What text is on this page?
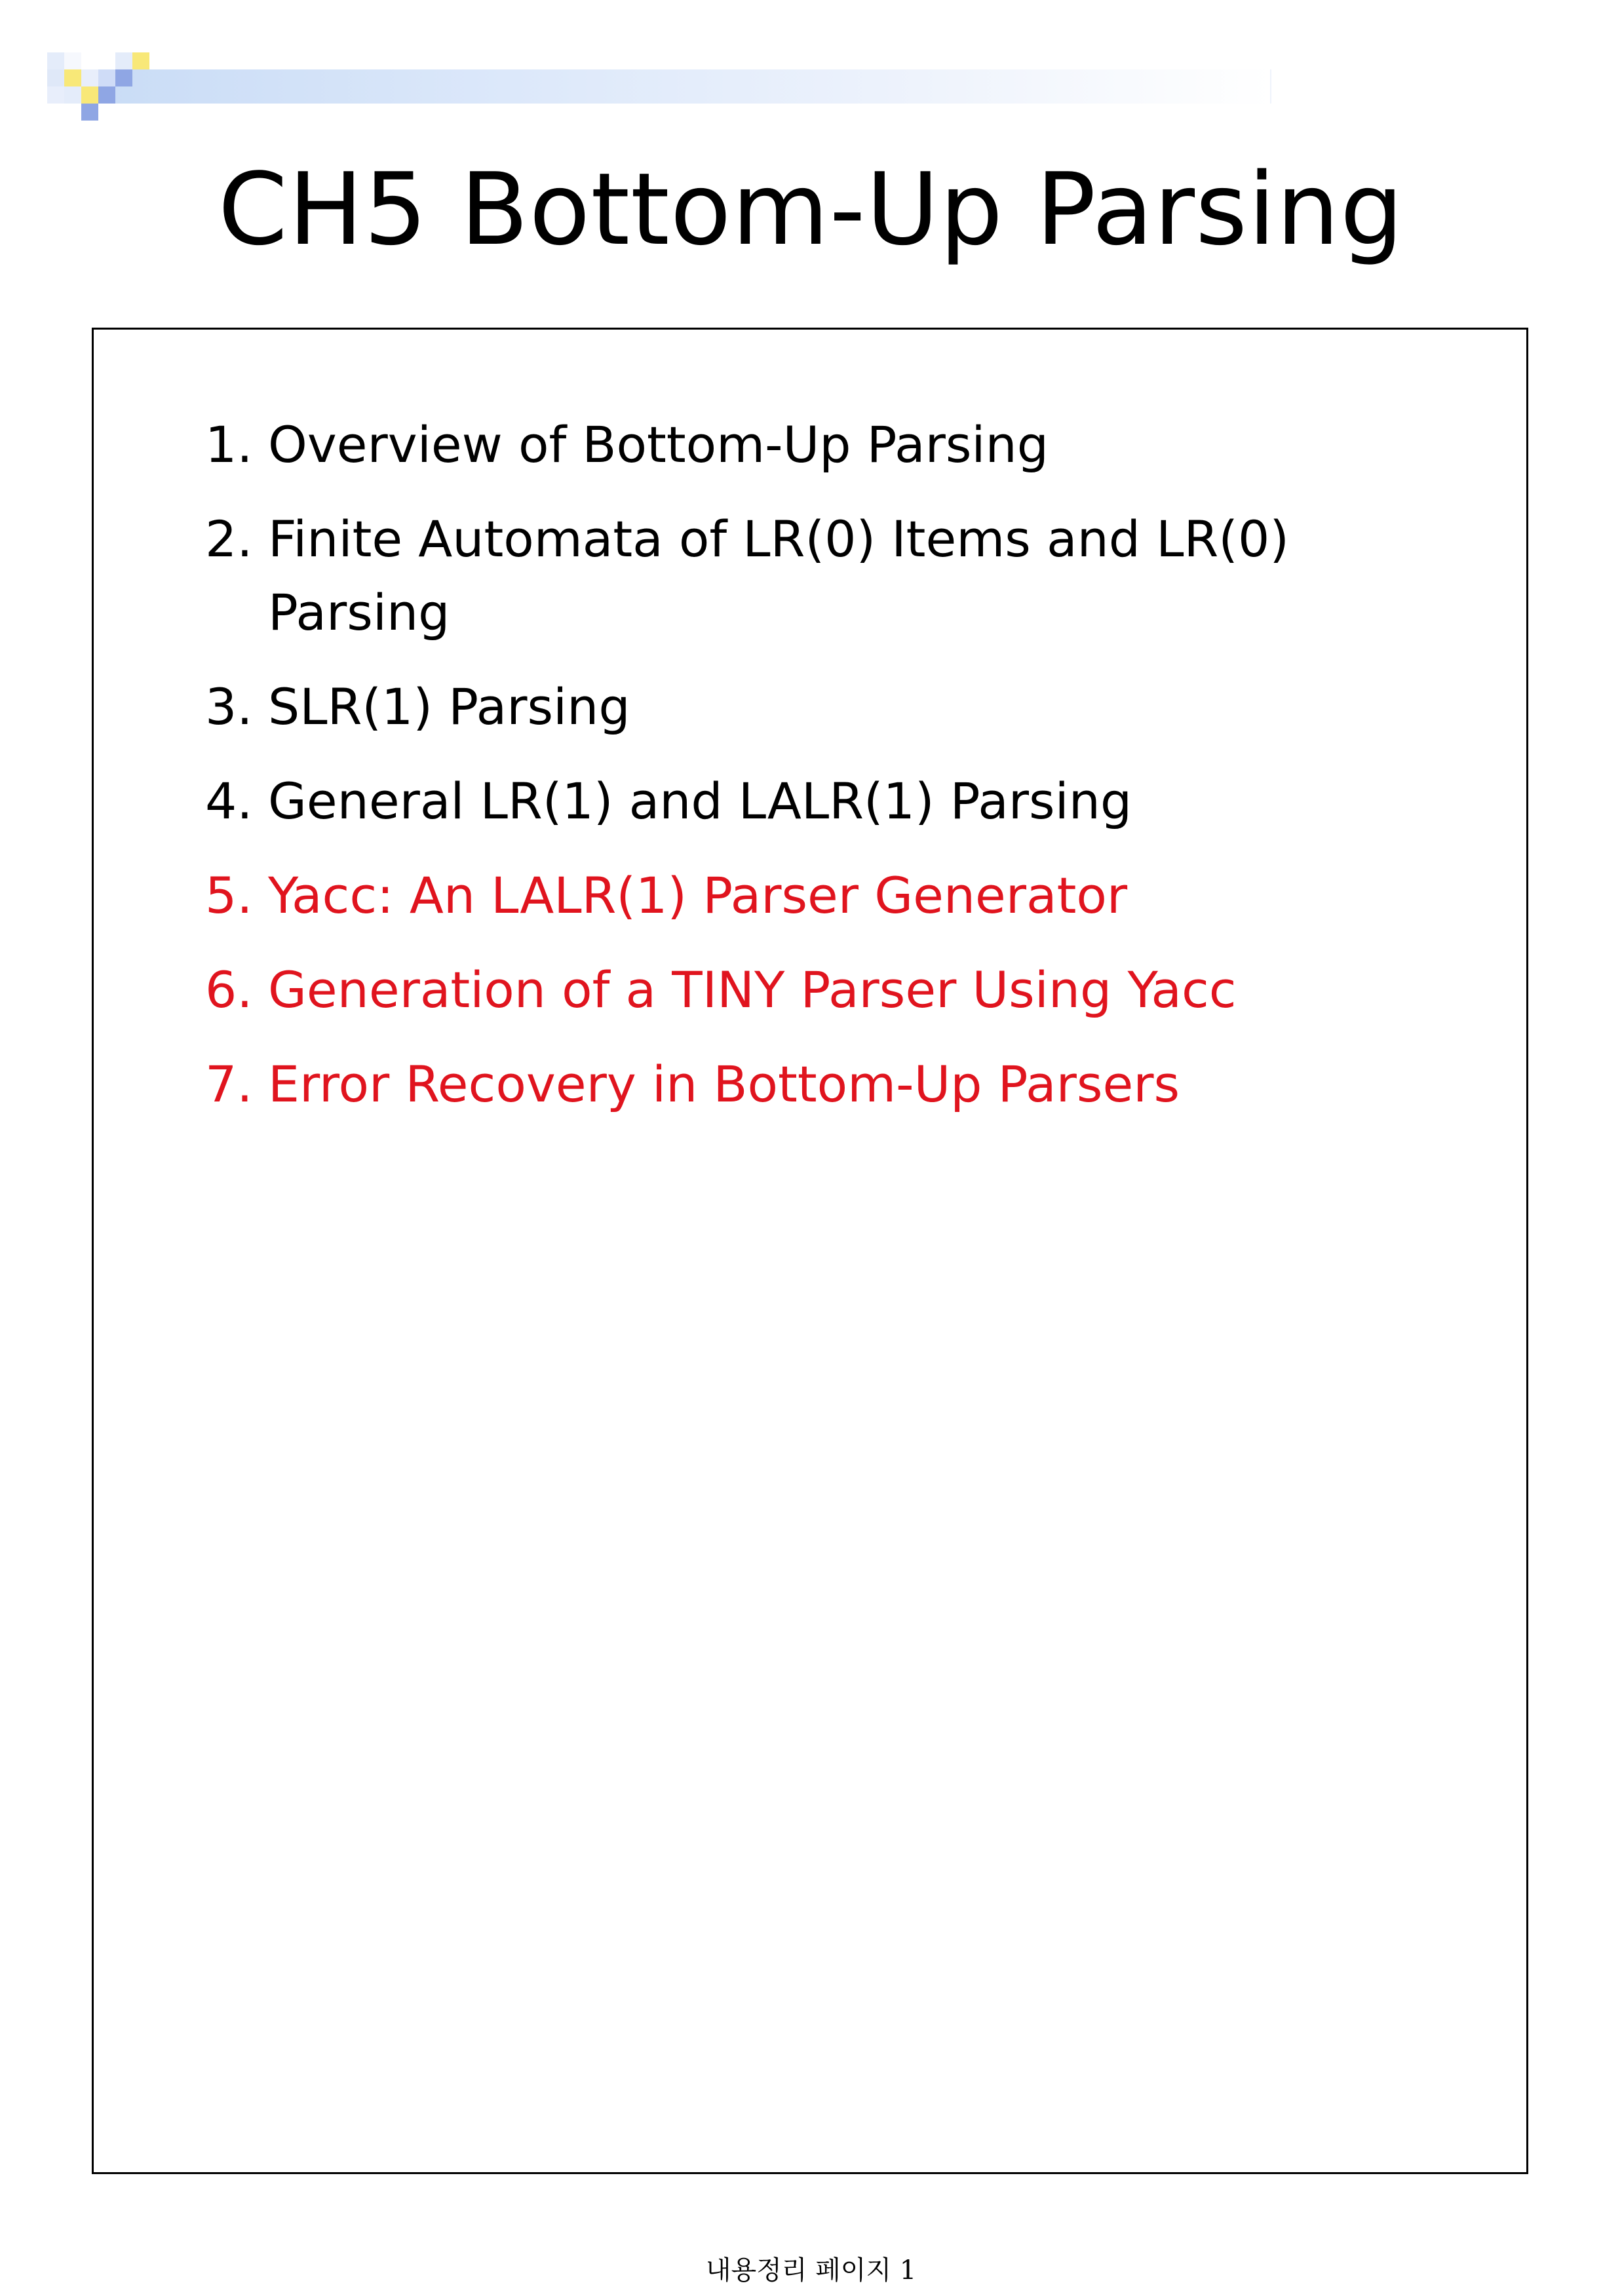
CH5 Bottom-Up Parsing
1. Overview of Bottom-Up Parsing
2. Finite Automata of LR(0) Items and LR(0) Parsing
3. SLR(1) Parsing
4. General LR(1) and LALR(1) Parsing
5. Yacc: An LALR(1) Parser Generator
6. Generation of a TINY Parser Using Yacc
7. Error Recovery in Bottom-Up Parsers
내용정리 페이지 1
